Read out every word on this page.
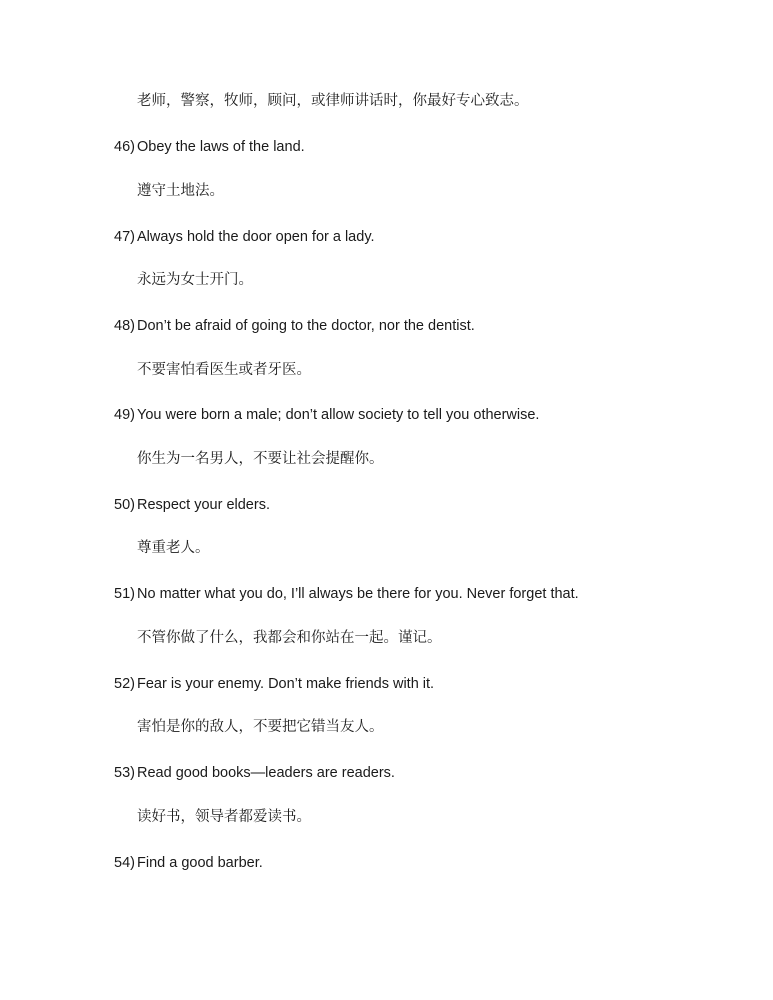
老师，警察，牧师，顾问，或律师讲话时，你最好专心致志。
46) Obey the laws of the land.
遵守土地法。
47) Always hold the door open for a lady.
永远为女士开门。
48) Don’t be afraid of going to the doctor, nor the dentist.
不要害怕看医生或者牙医。
49) You were born a male; don’t allow society to tell you otherwise.
你生为一名男人，不要让社会提醒你。
50) Respect your elders.
尊重老人。
51) No matter what you do, I’ll always be there for you. Never forget that.
不管你做了什么，我都会和你站在一起。谨记。
52) Fear is your enemy. Don’t make friends with it.
害怕是你的敌人，不要把它错当友人。
53) Read good books—leaders are readers.
读好书，领导者都爱读书。
54) Find a good barber.
